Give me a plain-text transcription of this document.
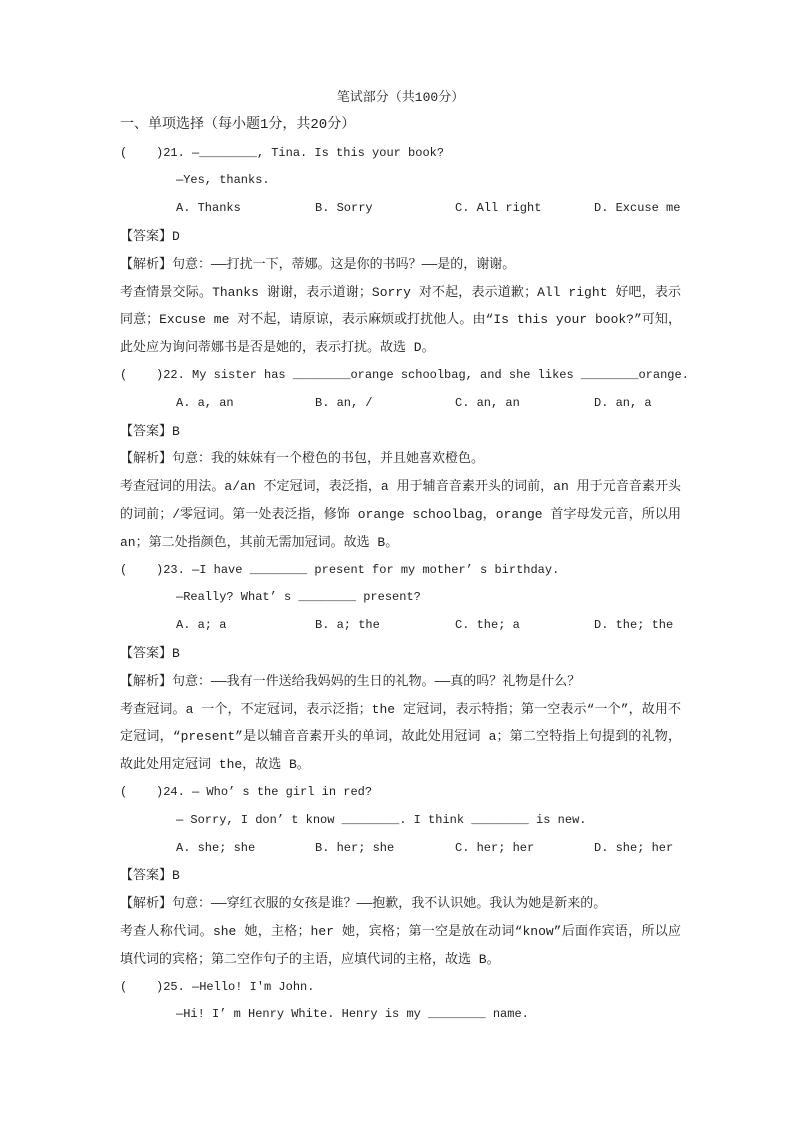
笔试部分（共100分）

一、单项选择（每小题1分，共20分）

(    )21. —________, Tina. Is this your book?

—Yes, thanks.

A. Thanks	B. Sorry	C. All right	D. Excuse me

【答案】D

【解析】句意：——打扰一下，蒂娜。这是你的书吗？——是的，谢谢。

考查情景交际。Thanks 谢谢，表示道谢；Sorry 对不起，表示道歉；All right 好吧，表示同意；Excuse me 对不起，请原谅，表示麻烦或打扰他人。由“Is this your book?”可知，此处应为询问蒂娜书是否是她的，表示打扰。故选 D。

(    )22. My sister has ________orange schoolbag, and she likes ________orange.

A. a, an	B. an, /	C. an, an	D. an, a

【答案】B

【解析】句意：我的妹妹有一个橙色的书包，并且她喜欢橙色。

考查冠词的用法。a/an 不定冠词，表泛指，a 用于辅音音素开头的词前，an 用于元音音素开头的词前；/零冠词。第一处表泛指，修饰 orange schoolbag，orange 首字母发元音，所以用 an；第二处指颜色，其前无需加冠词。故选 B。

(    )23. —I have ________ present for my mother’ s birthday.

—Really? What’ s ________ present?

A. a; a	B. a; the	C. the; a	D. the; the

【答案】B

【解析】句意：——我有一件送给我妈妈的生日的礼物。——真的吗？礼物是什么？

考查冠词。a 一个，不定冠词，表示泛指；the 定冠词，表示特指；第一空表示“一个”，故用不定冠词，“present”是以辅音音素开头的单词，故此处用冠词 a；第二空特指上句提到的礼物，故此处用定冠词 the，故选 B。

(    )24. — Who’ s the girl in red?

— Sorry, I don’ t know ________. I think ________ is new.

A. she; she	B. her; she	C. her; her	D. she; her

【答案】B

【解析】句意：——穿红衣服的女孩是谁？——抱歉，我不认识她。我认为她是新来的。

考查人称代词。she 她，主格；her 她，宾格；第一空是放在动词“know”后面作宾语，所以应填代词的宾格；第二空作句子的主语，应填代词的主格，故选 B。

(    )25. —Hello! I'm John.

—Hi! I’ m Henry White. Henry is my ________ name.
